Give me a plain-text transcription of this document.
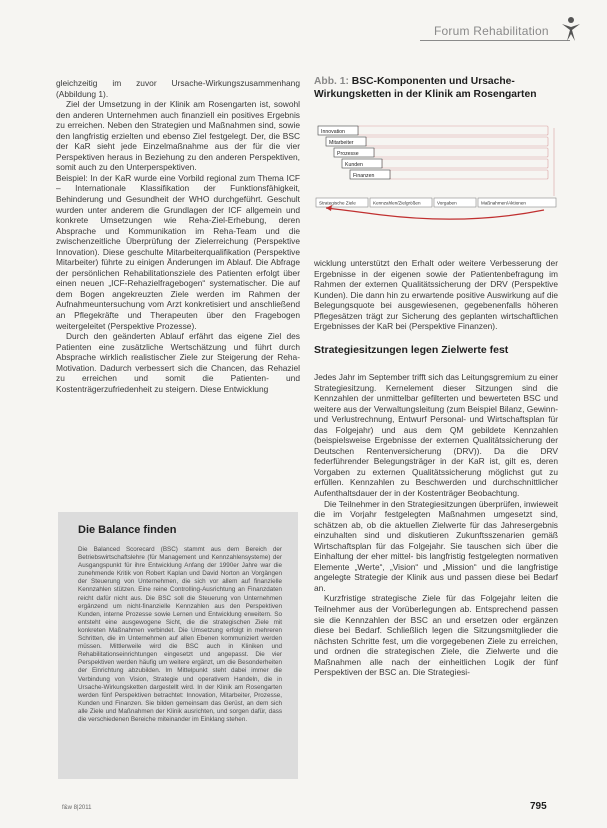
Forum Rehabilitation

gleichzeitig im zuvor Ursache-Wirkungszusammenhang (Abbildung 1).

Ziel der Umsetzung in der Klinik am Rosengarten ist, sowohl den anderen Unternehmen auch finanziell ein positives Ergebnis zu erreichen. Neben den Strategien und Maßnahmen sind, sowie den langfristig erzielten und ebenso Ziel festgelegt. Der, die BSC der KaR sieht jede Einzelmaßnahme aus der für die vier Perspektiven heraus in Beziehung zu den anderen Perspektiven, somit auch zu den Unterperspektiven.

Beispiel: In der KaR wurde eine Vorbild regional zum Thema ICF – Internationale Klassifikation der Funktionsfähigkeit, Behinderung und Gesundheit der WHO durchgeführt. Geschult wurden unter anderem die Grundlagen der ICF allgemein und konkrete Umsetzungen wie Reha-Ziel-Erhebung, deren Absprache und Kommunikation im Reha-Team und die zwischenzeitliche Überprüfung der Zielerreichung (Perspektive Innovation). Diese geschulte Mitarbeiterqualifikation (Perspektive Mitarbeiter) führte zu einigen Änderungen im Ablauf. Die Abfrage der persönlichen Rehabilitationsziele des Patienten erfolgt über einen neuen „ICF-Rehazielfragebogen“ systematischer. Die auf dem Bogen angekreuzten Ziele werden im Rahmen der Aufnahmeuntersuchung vom Arzt konkretisiert und anschließend an Pflegekräfte und Therapeuten über den Fragebogen weitergeleitet (Perspektive Prozesse).

Durch den geänderten Ablauf erfährt das eigene Ziel des Patienten eine zusätzliche Wertschätzung und führt durch Absprache wirklich realistischer Ziele zur Steigerung der Reha-Motivation. Dadurch verbessert sich die Chancen, das Rehaziel zu erreichen und somit die Patienten- und Kostenträgerzufriedenheit zu steigern. Diese Entwicklung

Abb. 1: BSC-Komponenten und Ursache-Wirkungsketten in der Klinik am Rosengarten
Innovation
Mitarbeiter
Prozesse
Kunden
Finanzen
Strategische Ziele	Kennzahlen/Zielgrößen	Vorgaben	Maßnahmen/Aktionen

wicklung unterstützt den Erhalt oder weitere Verbesserung der Ergebnisse in der eigenen sowie der Patientenbefragung im Rahmen der externen Qualitätssicherung der DRV (Perspektive Kunden). Die dann hin zu erwartende positive Auswirkung auf die Belegungsquote bei ausgewiesenen, gegebenenfalls höheren Pflegesätzen trägt zur Sicherung des geplanten wirtschaftlichen Ergebnisses der KaR bei (Perspektive Finanzen).

Strategiesitzungen legen Zielwerte fest

Jedes Jahr im September trifft sich das Leitungsgremium zu einer Strategiesitzung. Kernelement dieser Sitzungen sind die Kennzahlen der unmittelbar gefilterten und bewerteten BSC und weitere aus der Verwaltungsleitung (zum Beispiel Bilanz, Gewinn- und Verlustrechnung, Entwurf Personal- und Wirtschaftsplan für das Folgejahr) und aus dem QM gebildete Kennzahlen (beispielsweise Ergebnisse der externen Qualitätssicherung der Deutschen Rentenversicherung (DRV)). Da die DRV federführender Belegungsträger in der KaR ist, gilt es, deren Vorgaben zu externen Qualitätssicherung möglichst gut zu erfüllen. Kennzahlen zu Beschwerden und durchschnittlicher Aufenthaltsdauer der in der Kostenträger Beobachtung.

Die Teilnehmer in den Strategiesitzungen überprüfen, inwieweit die im Vorjahr festgelegten Maßnahmen umgesetzt sind, schätzen ab, ob die aktuellen Zielwerte für das Jahresergebnis einzuhalten sind und diskutieren Zukunftsszenarien gemäß Wirtschaftsplan für das Folgejahr. Sie tauschen sich über die Einhaltung der eher mittel- bis langfristig festgelegten normativen Elemente „Werte“, „Vision“ und „Mission“ und die langfristige angelegte Strategie der Klinik aus und passen diese bei Bedarf an.

Kurzfristige strategische Ziele für das Folgejahr leiten die Teilnehmer aus der Vorüberlegungen ab. Entsprechend passen sie die Kennzahlen der BSC an und ersetzen oder ergänzen diese bei Bedarf. Schließlich legen die Sitzungsmitglieder die nächsten Schritte fest, um die vorgegebenen Ziele zu erreichen, und ordnen die strategischen Ziele, die Zielwerte und die Maßnahmen alle nach der einheitlichen Logik der fünf Perspektiven der BSC an. Die Strategiesi-

Die Balance finden
Die Balanced Scorecard (BSC) stammt aus dem Bereich der Betriebswirtschaftslehre (für Management und Kennzahlensysteme) der Ausgangspunkt für ihre Entwicklung Anfang der 1990er Jahre war die zunehmende Kritik von Robert Kaplan und David Norton an Vorgängen der Steuerung von Unternehmen, die sich vor allem auf finanzielle Kennzahlen stützen. Eine reine Controlling-Ausrichtung an Finanzdaten reicht dafür nicht aus. Die BSC soll die Steuerung von Unternehmen ergänzend um nicht-finanzielle Kennzahlen aus den Perspektiven Kunden, interne Prozesse sowie Lernen und Entwicklung erweitern. So entsteht eine ausgewogene Sicht, die die strategischen Ziele mit konkreten Maßnahmen verbindet. Die Umsetzung erfolgt in mehreren Schritten, die im Unternehmen auf allen Ebenen kommuniziert werden müssen. Mittlerweile wird die BSC auch in Kliniken und Rehabilitationseinrichtungen eingesetzt und angepasst. Die vier Perspektiven werden häufig um weitere ergänzt, um die Besonderheiten der Einrichtung abzubilden. Im Mittelpunkt steht dabei immer die Verbindung von Vision, Strategie und operativem Handeln, die in Ursache-Wirkungsketten dargestellt wird. In der Klinik am Rosengarten werden fünf Perspektiven betrachtet: Innovation, Mitarbeiter, Prozesse, Kunden und Finanzen. Sie bilden gemeinsam das Gerüst, an dem sich alle Ziele und Maßnahmen der Klinik ausrichten, und sorgen dafür, dass die verschiedenen Bereiche miteinander im Einklang stehen.
f&w 8|2011	795
